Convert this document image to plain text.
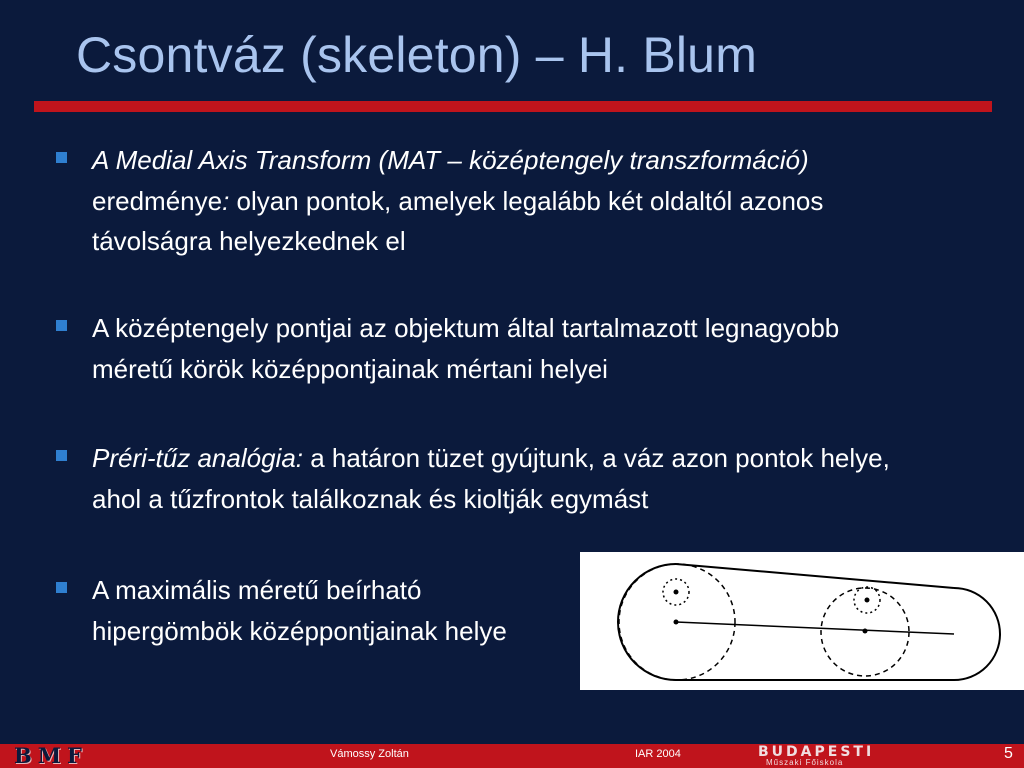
Csontváz (skeleton) – H. Blum
A Medial Axis Transform (MAT – középtengely transzformáció) eredménye: olyan pontok, amelyek legalább két oldaltól azonos távolságra helyezkednek el
A középtengely pontjai az objektum által tartalmazott legnagyobb méretű körök középpontjainak mértani helyei
Préri-tűz analógia: a határon tüzet gyújtunk, a váz azon pontok helye, ahol a tűzfrontok találkoznak és kioltják egymást
A maximális méretű beírható hipergömbök középpontjainak helye
BMF	Vámossy Zoltán	IAR 2004	BUDAPESTI
Műszaki Főiskola
5
